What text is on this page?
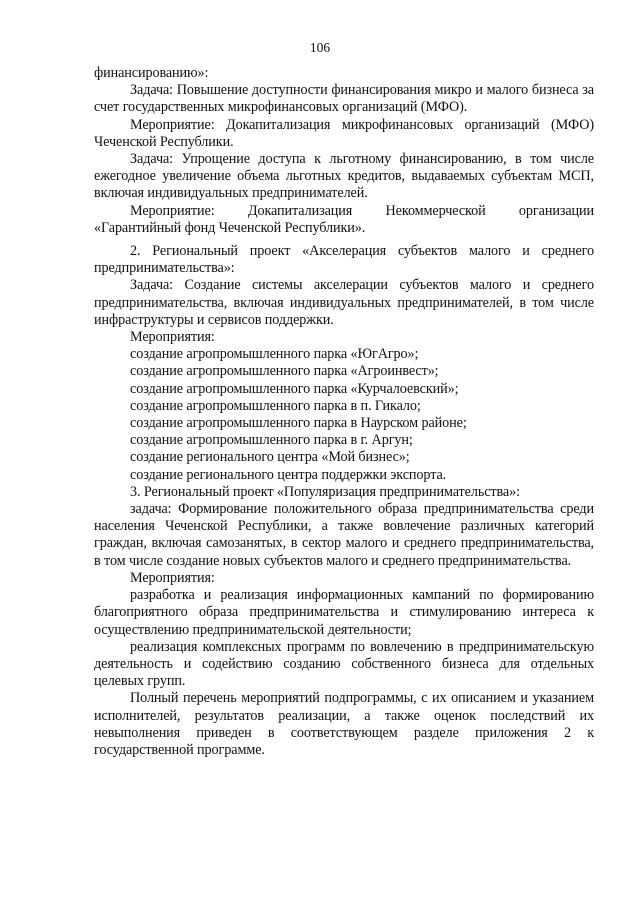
106

финансированию»:

Задача: Повышение доступности финансирования микро и малого бизнеса за счет государственных микрофинансовых организаций (МФО).

Мероприятие: Докапитализация микрофинансовых организаций (МФО) Чеченской Республики.

Задача: Упрощение доступа к льготному финансированию, в том числе ежегодное увеличение объема льготных кредитов, выдаваемых субъектам МСП, включая индивидуальных предпринимателей.

Мероприятие: Докапитализация Некоммерческой организации «Гарантийный фонд Чеченской Республики».

2. Региональный проект «Акселерация субъектов малого и среднего предпринимательства»:

Задача: Создание системы акселерации субъектов малого и среднего предпринимательства, включая индивидуальных предпринимателей, в том числе инфраструктуры и сервисов поддержки.

Мероприятия:

создание агропромышленного парка «ЮгАгро»;

создание агропромышленного парка «Агроинвест»;

создание агропромышленного парка «Курчалоевский»;

создание агропромышленного парка в п. Гикало;

создание агропромышленного парка в Наурском районе;

создание агропромышленного парка в г. Аргун;

создание регионального центра «Мой бизнес»;

создание регионального центра поддержки экспорта.

3. Региональный проект «Популяризация предпринимательства»:

задача: Формирование положительного образа предпринимательства среди населения Чеченской Республики, а также вовлечение различных категорий граждан, включая самозанятых, в сектор малого и среднего предпринимательства, в том числе создание новых субъектов малого и среднего предпринимательства.

Мероприятия:

разработка и реализация информационных кампаний по формированию благоприятного образа предпринимательства и стимулированию интереса к осуществлению предпринимательской деятельности;

реализация комплексных программ по вовлечению в предпринимательскую деятельность и содействию созданию собственного бизнеса для отдельных целевых групп.

Полный перечень мероприятий подпрограммы, с их описанием и указанием исполнителей, результатов реализации, а также оценок последствий их невыполнения приведен в соответствующем разделе приложения 2 к государственной программе.
